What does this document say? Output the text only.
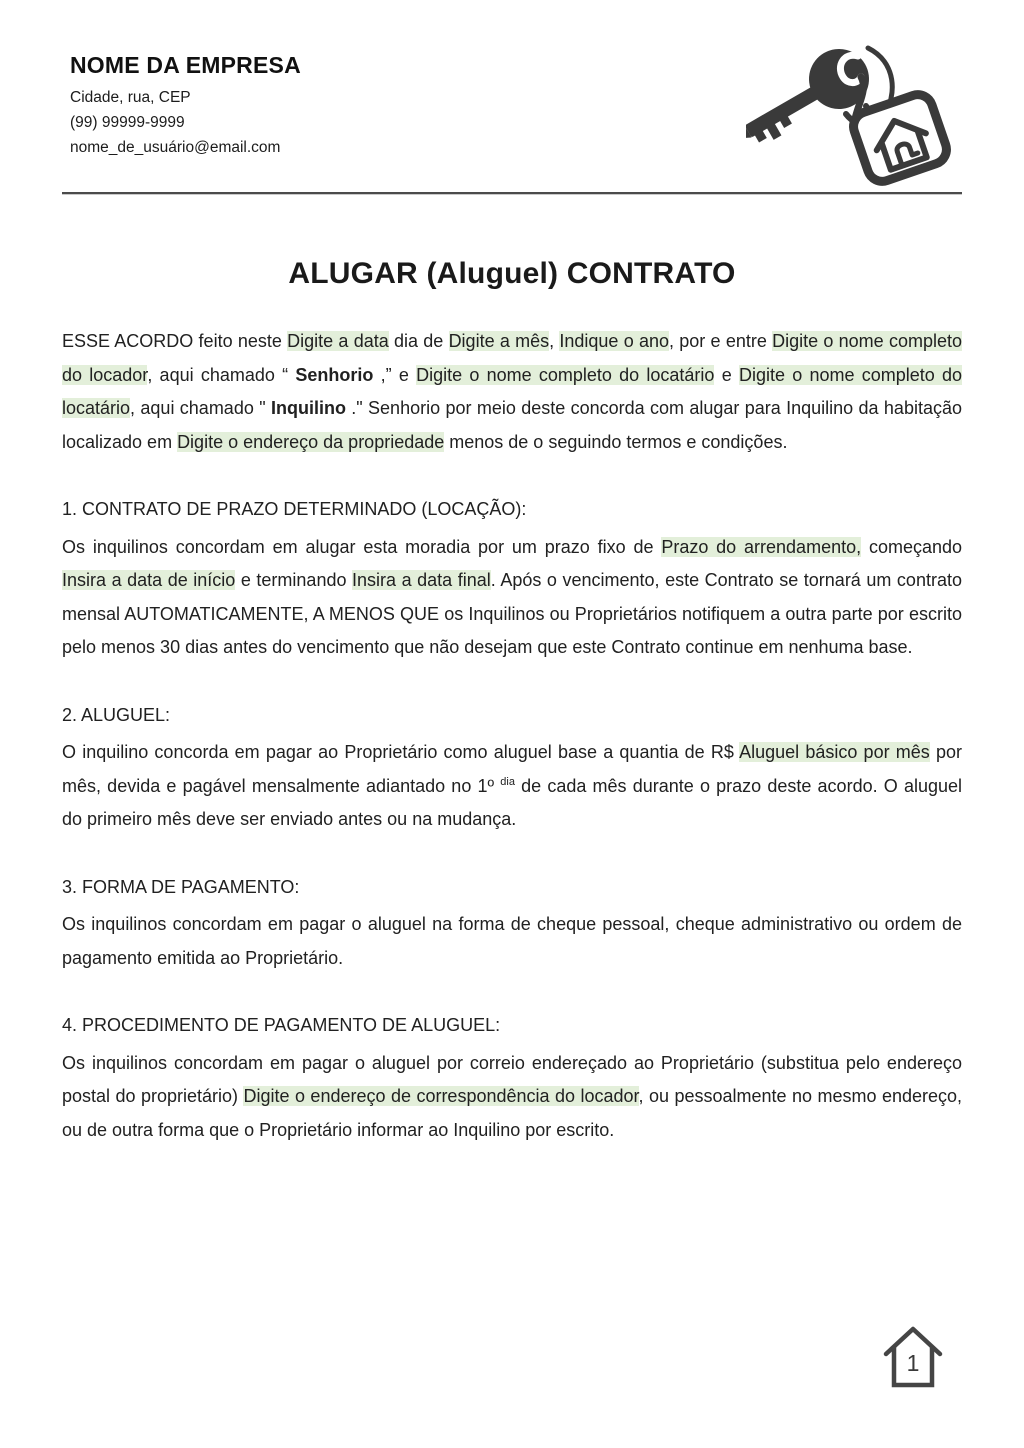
NOME DA EMPRESA
Cidade, rua, CEP
(99) 99999-9999
nome_de_usuário@email.com
ALUGAR (Aluguel) CONTRATO

ESSE ACORDO feito neste Digite a data dia de Digite a mês, Indique o ano, por e entre Digite o nome completo do locador, aqui chamado “ Senhorio ,” e Digite o nome completo do locatário e Digite o nome completo do locatário, aqui chamado " Inquilino ." Senhorio por meio deste concorda com alugar para Inquilino da habitação localizado em Digite o endereço da propriedade menos de o seguindo termos e condições.

1. CONTRATO DE PRAZO DETERMINADO (LOCAÇÃO):

Os inquilinos concordam em alugar esta moradia por um prazo fixo de Prazo do arrendamento, começando Insira a data de início e terminando Insira a data final. Após o vencimento, este Contrato se tornará um contrato mensal AUTOMATICAMENTE, A MENOS QUE os Inquilinos ou Proprietários notifiquem a outra parte por escrito pelo menos 30 dias antes do vencimento que não desejam que este Contrato continue em nenhuma base.

2. ALUGUEL:

O inquilino concorda em pagar ao Proprietário como aluguel base a quantia de R$ Aluguel básico por mês por mês, devida e pagável mensalmente adiantado no 1º $^{dia}$ de cada mês durante o prazo deste acordo. O aluguel do primeiro mês deve ser enviado antes ou na mudança.

3. FORMA DE PAGAMENTO:

Os inquilinos concordam em pagar o aluguel na forma de cheque pessoal, cheque administrativo ou ordem de pagamento emitida ao Proprietário.

4. PROCEDIMENTO DE PAGAMENTO DE ALUGUEL:

Os inquilinos concordam em pagar o aluguel por correio endereçado ao Proprietário (substitua pelo endereço postal do proprietário) Digite o endereço de correspondência do locador, ou pessoalmente no mesmo endereço, ou de outra forma que o Proprietário informar ao Inquilino por escrito.

1
